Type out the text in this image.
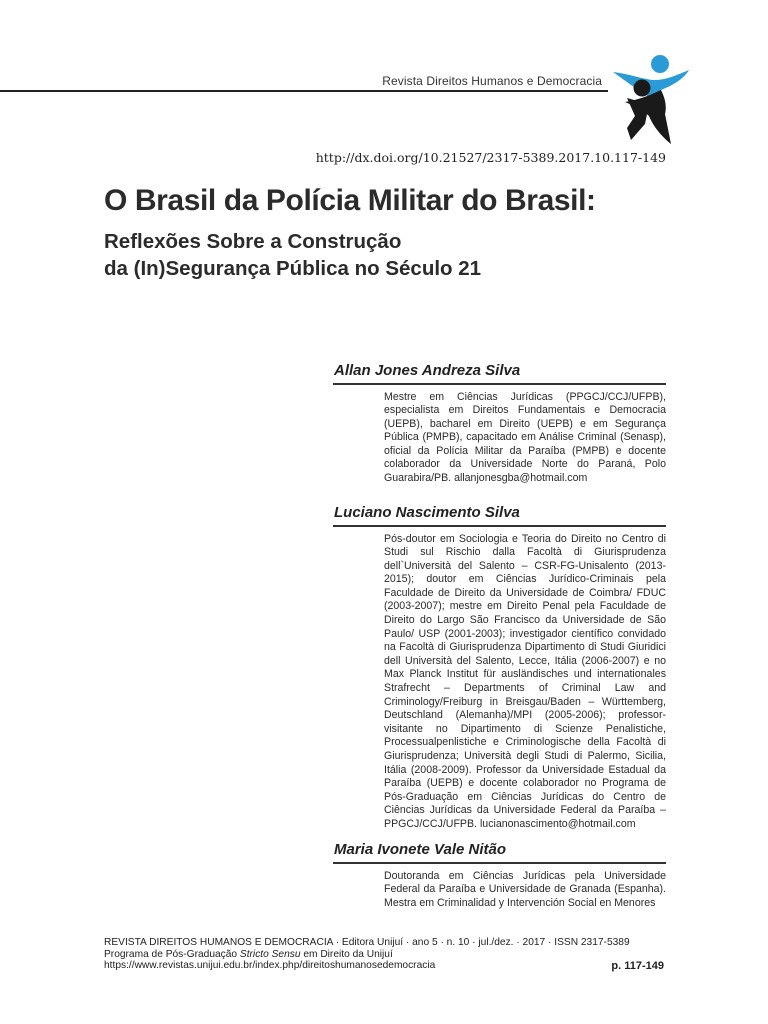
Revista Direitos Humanos e Democracia
http://dx.doi.org/10.21527/2317-5389.2017.10.117-149
O Brasil da Polícia Militar do Brasil:
Reflexões Sobre a Construção
da (In)Segurança Pública no Século 21
Allan Jones Andreza Silva
Mestre em Ciências Jurídicas (PPGCJ/CCJ/UFPB), especialista em Direitos Fundamentais e Democracia (UEPB), bacharel em Direito (UEPB) e em Segurança Pública (PMPB), capacitado em Análise Criminal (Senasp), oficial da Polícia Militar da Paraíba (PMPB) e docente colaborador da Universidade Norte do Paraná, Polo Guarabira/PB. allanjonesgba@hotmail.com
Luciano Nascimento Silva
Pós-doutor em Sociologia e Teoria do Direito no Centro di Studi sul Rischio dalla Facoltà di Giurisprudenza dell`Università del Salento – CSR-FG-Unisalento (2013-2015); doutor em Ciências Jurídico-Criminais pela Faculdade de Direito da Universidade de Coimbra/ FDUC (2003-2007); mestre em Direito Penal pela Faculdade de Direito do Largo São Francisco da Universidade de São Paulo/ USP (2001-2003); investigador científico convidado na Facoltà di Giurisprudenza Dipartimento di Studi Giuridici dell Università del Salento, Lecce, Itália (2006-2007) e no Max Planck Institut für ausländisches und internationales Strafrecht – Departments of Criminal Law and Criminology/Freiburg in Breisgau/Baden – Württemberg, Deutschland (Alemanha)/MPI (2005-2006); professor-visitante no Dipartimento di Scienze Penalistiche, Processualpenlistiche e Criminologische della Facoltà di Giurisprudenza; Università degli Studi di Palermo, Sicilia, Itália (2008-2009). Professor da Universidade Estadual da Paraíba (UEPB) e docente colaborador no Programa de Pós-Graduação em Ciências Jurídicas do Centro de Ciências Jurídicas da Universidade Federal da Paraíba – PPGCJ/CCJ/UFPB. lucianonascimento@hotmail.com
Maria Ivonete Vale Nitão
Doutoranda em Ciências Jurídicas pela Universidade Federal da Paraíba e Universidade de Granada (Espanha). Mestra em Criminalidad y Intervención Social en Menores
REVISTA DIREITOS HUMANOS E DEMOCRACIA · Editora Unijuí · ano 5 · n. 10 · jul./dez. · 2017 · ISSN 2317-5389
Programa de Pós-Graduação Stricto Sensu em Direito da Unijuí
https://www.revistas.unijui.edu.br/index.php/direitoshumanosedemocracia	p. 117-149
